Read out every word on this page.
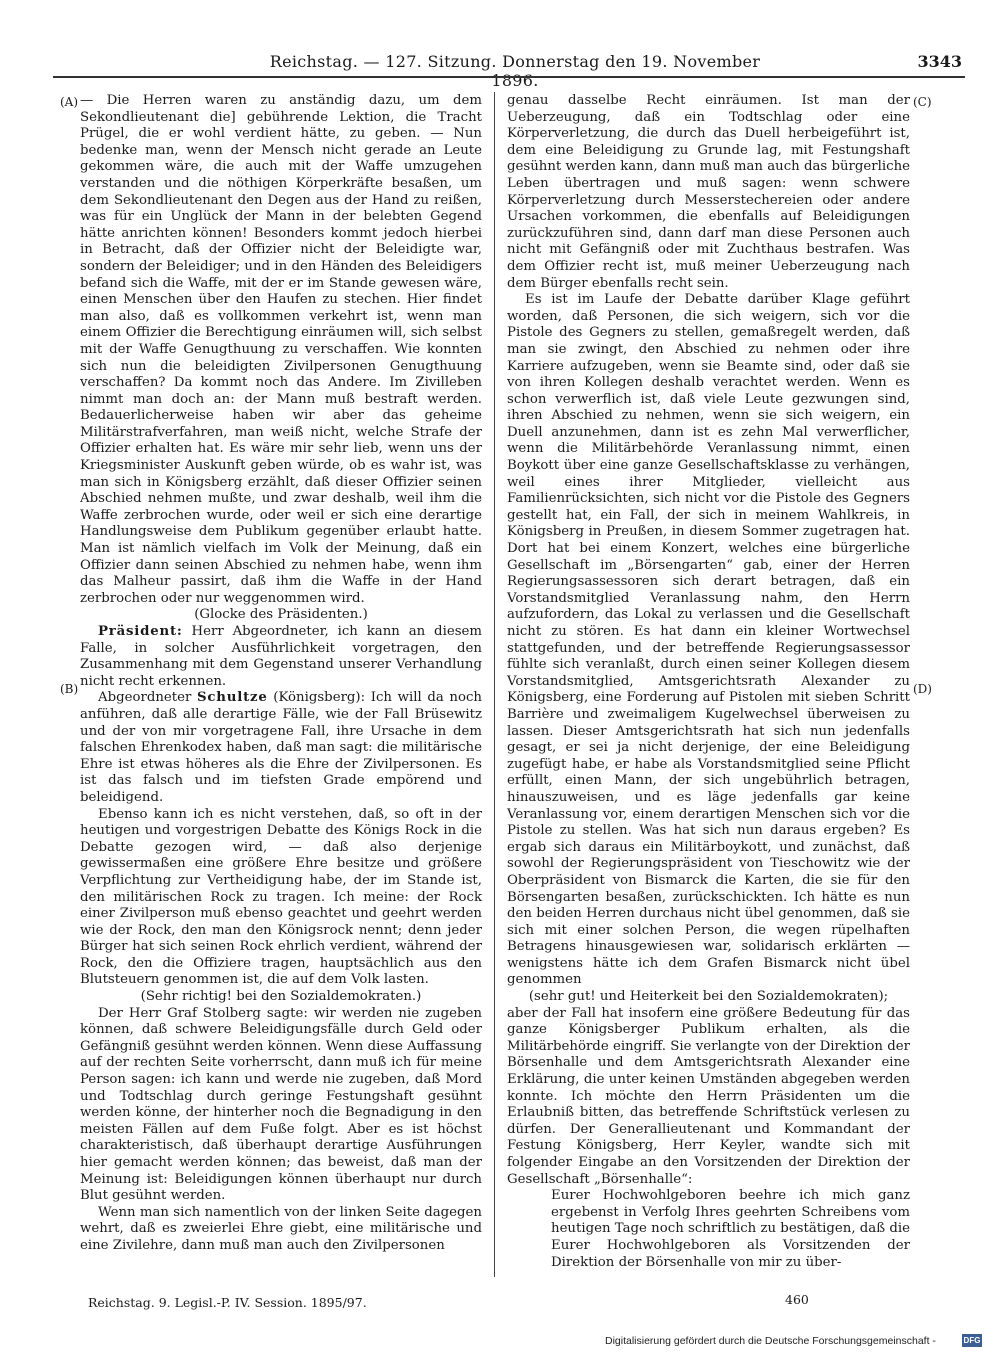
Reichstag. — 127. Sitzung. Donnerstag den 19. November 1896.
3343
(A)
(B)
(C)
(D)

— Die Herren waren zu anständig dazu, um dem Sekondlieutenant die] gebührende Lektion, die Tracht Prügel, die er wohl verdient hätte, zu geben. — Nun bedenke man, wenn der Mensch nicht gerade an Leute gekommen wäre, die auch mit der Waffe umzugehen verstanden und die nöthigen Körperkräfte besaßen, um dem Sekondlieutenant den Degen aus der Hand zu reißen, was für ein Unglück der Mann in der belebten Gegend hätte anrichten können! Besonders kommt jedoch hierbei in Betracht, daß der Offizier nicht der Beleidigte war, sondern der Beleidiger; und in den Händen des Beleidigers befand sich die Waffe, mit der er im Stande gewesen wäre, einen Menschen über den Haufen zu stechen. Hier findet man also, daß es vollkommen verkehrt ist, wenn man einem Offizier die Berechtigung einräumen will, sich selbst mit der Waffe Genugthuung zu verschaffen. Wie konnten sich nun die beleidigten Zivilpersonen Genugthuung verschaffen? Da kommt noch das Andere. Im Zivilleben nimmt man doch an: der Mann muß bestraft werden. Bedauerlicherweise haben wir aber das geheime Militärstrafverfahren, man weiß nicht, welche Strafe der Offizier erhalten hat. Es wäre mir sehr lieb, wenn uns der Kriegsminister Auskunft geben würde, ob es wahr ist, was man sich in Königsberg erzählt, daß dieser Offizier seinen Abschied nehmen mußte, und zwar deshalb, weil ihm die Waffe zerbrochen wurde, oder weil er sich eine derartige Handlungsweise dem Publikum gegenüber erlaubt hatte. Man ist nämlich vielfach im Volk der Meinung, daß ein Offizier dann seinen Abschied zu nehmen habe, wenn ihm das Malheur passirt, daß ihm die Waffe in der Hand zerbrochen oder nur weggenommen wird.

(Glocke des Präsidenten.)

Präsident: Herr Abgeordneter, ich kann an diesem Falle, in solcher Ausführlichkeit vorgetragen, den Zusammenhang mit dem Gegenstand unserer Verhandlung nicht recht erkennen.

Abgeordneter Schultze (Königsberg): Ich will da noch anführen, daß alle derartige Fälle, wie der Fall Brüsewitz und der von mir vorgetragene Fall, ihre Ursache in dem falschen Ehrenkodex haben, daß man sagt: die militärische Ehre ist etwas höheres als die Ehre der Zivilpersonen. Es ist das falsch und im tiefsten Grade empörend und beleidigend.

Ebenso kann ich es nicht verstehen, daß, so oft in der heutigen und vorgestrigen Debatte des Königs Rock in die Debatte gezogen wird, — daß also derjenige gewissermaßen eine größere Ehre besitze und größere Verpflichtung zur Vertheidigung habe, der im Stande ist, den militärischen Rock zu tragen. Ich meine: der Rock einer Zivilperson muß ebenso geachtet und geehrt werden wie der Rock, den man den Königsrock nennt; denn jeder Bürger hat sich seinen Rock ehrlich verdient, während der Rock, den die Offiziere tragen, hauptsächlich aus den Blutsteuern genommen ist, die auf dem Volk lasten.

(Sehr richtig! bei den Sozialdemokraten.)

Der Herr Graf Stolberg sagte: wir werden nie zugeben können, daß schwere Beleidigungsfälle durch Geld oder Gefängniß gesühnt werden können. Wenn diese Auffassung auf der rechten Seite vorherrscht, dann muß ich für meine Person sagen: ich kann und werde nie zugeben, daß Mord und Todtschlag durch geringe Festungshaft gesühnt werden könne, der hinterher noch die Begnadigung in den meisten Fällen auf dem Fuße folgt. Aber es ist höchst charakteristisch, daß überhaupt derartige Ausführungen hier gemacht werden können; das beweist, daß man der Meinung ist: Beleidigungen können überhaupt nur durch Blut gesühnt werden.

Wenn man sich namentlich von der linken Seite dagegen wehrt, daß es zweierlei Ehre giebt, eine militärische und eine Zivilehre, dann muß man auch den Zivilpersonen

genau dasselbe Recht einräumen. Ist man der Ueberzeugung, daß ein Todtschlag oder eine Körperverletzung, die durch das Duell herbeigeführt ist, dem eine Beleidigung zu Grunde lag, mit Festungshaft gesühnt werden kann, dann muß man auch das bürgerliche Leben übertragen und muß sagen: wenn schwere Körperverletzung durch Messerstechereien oder andere Ursachen vorkommen, die ebenfalls auf Beleidigungen zurückzuführen sind, dann darf man diese Personen auch nicht mit Gefängniß oder mit Zuchthaus bestrafen. Was dem Offizier recht ist, muß meiner Ueberzeugung nach dem Bürger ebenfalls recht sein.

Es ist im Laufe der Debatte darüber Klage geführt worden, daß Personen, die sich weigern, sich vor die Pistole des Gegners zu stellen, gemaßregelt werden, daß man sie zwingt, den Abschied zu nehmen oder ihre Karriere aufzugeben, wenn sie Beamte sind, oder daß sie von ihren Kollegen deshalb verachtet werden. Wenn es schon verwerflich ist, daß viele Leute gezwungen sind, ihren Abschied zu nehmen, wenn sie sich weigern, ein Duell anzunehmen, dann ist es zehn Mal verwerflicher, wenn die Militärbehörde Veranlassung nimmt, einen Boykott über eine ganze Gesellschaftsklasse zu verhängen, weil eines ihrer Mitglieder, vielleicht aus Familienrücksichten, sich nicht vor die Pistole des Gegners gestellt hat, ein Fall, der sich in meinem Wahlkreis, in Königsberg in Preußen, in diesem Sommer zugetragen hat. Dort hat bei einem Konzert, welches eine bürgerliche Gesellschaft im „Börsengarten“ gab, einer der Herren Regierungsassessoren sich derart betragen, daß ein Vorstandsmitglied Veranlassung nahm, den Herrn aufzufordern, das Lokal zu verlassen und die Gesellschaft nicht zu stören. Es hat dann ein kleiner Wortwechsel stattgefunden, und der betreffende Regierungsassessor fühlte sich veranlaßt, durch einen seiner Kollegen diesem Vorstandsmitglied, Amtsgerichtsrath Alexander zu Königsberg, eine Forderung auf Pistolen mit sieben Schritt Barrière und zweimaligem Kugelwechsel überweisen zu lassen. Dieser Amtsgerichtsrath hat sich nun jedenfalls gesagt, er sei ja nicht derjenige, der eine Beleidigung zugefügt habe, er habe als Vorstandsmitglied seine Pflicht erfüllt, einen Mann, der sich ungebührlich betragen, hinauszuweisen, und es läge jedenfalls gar keine Veranlassung vor, einem derartigen Menschen sich vor die Pistole zu stellen. Was hat sich nun daraus ergeben? Es ergab sich daraus ein Militärboykott, und zunächst, daß sowohl der Regierungspräsident von Tieschowitz wie der Oberpräsident von Bismarck die Karten, die sie für den Börsengarten besaßen, zurückschickten. Ich hätte es nun den beiden Herren durchaus nicht übel genommen, daß sie sich mit einer solchen Person, die wegen rüpelhaften Betragens hinausgewiesen war, solidarisch erklärten — wenigstens hätte ich dem Grafen Bismarck nicht übel genommen

(sehr gut! und Heiterkeit bei den Sozialdemokraten);

aber der Fall hat insofern eine größere Bedeutung für das ganze Königsberger Publikum erhalten, als die Militärbehörde eingriff. Sie verlangte von der Direktion der Börsenhalle und dem Amtsgerichtsrath Alexander eine Erklärung, die unter keinen Umständen abgegeben werden konnte. Ich möchte den Herrn Präsidenten um die Erlaubniß bitten, das betreffende Schriftstück verlesen zu dürfen. Der Generallieutenant und Kommandant der Festung Königsberg, Herr Keyler, wandte sich mit folgender Eingabe an den Vorsitzenden der Direktion der Gesellschaft „Börsenhalle“:

Eurer Hochwohlgeboren beehre ich mich ganz ergebenst in Verfolg Ihres geehrten Schreibens vom heutigen Tage noch schriftlich zu bestätigen, daß die Eurer Hochwohlgeboren als Vorsitzenden der Direktion der Börsenhalle von mir zu über-

Reichstag. 9. Legisl.-P. IV. Session. 1895/97.	460
Digitalisierung gefördert durch die Deutsche Forschungsgemeinschaft -	DFG
